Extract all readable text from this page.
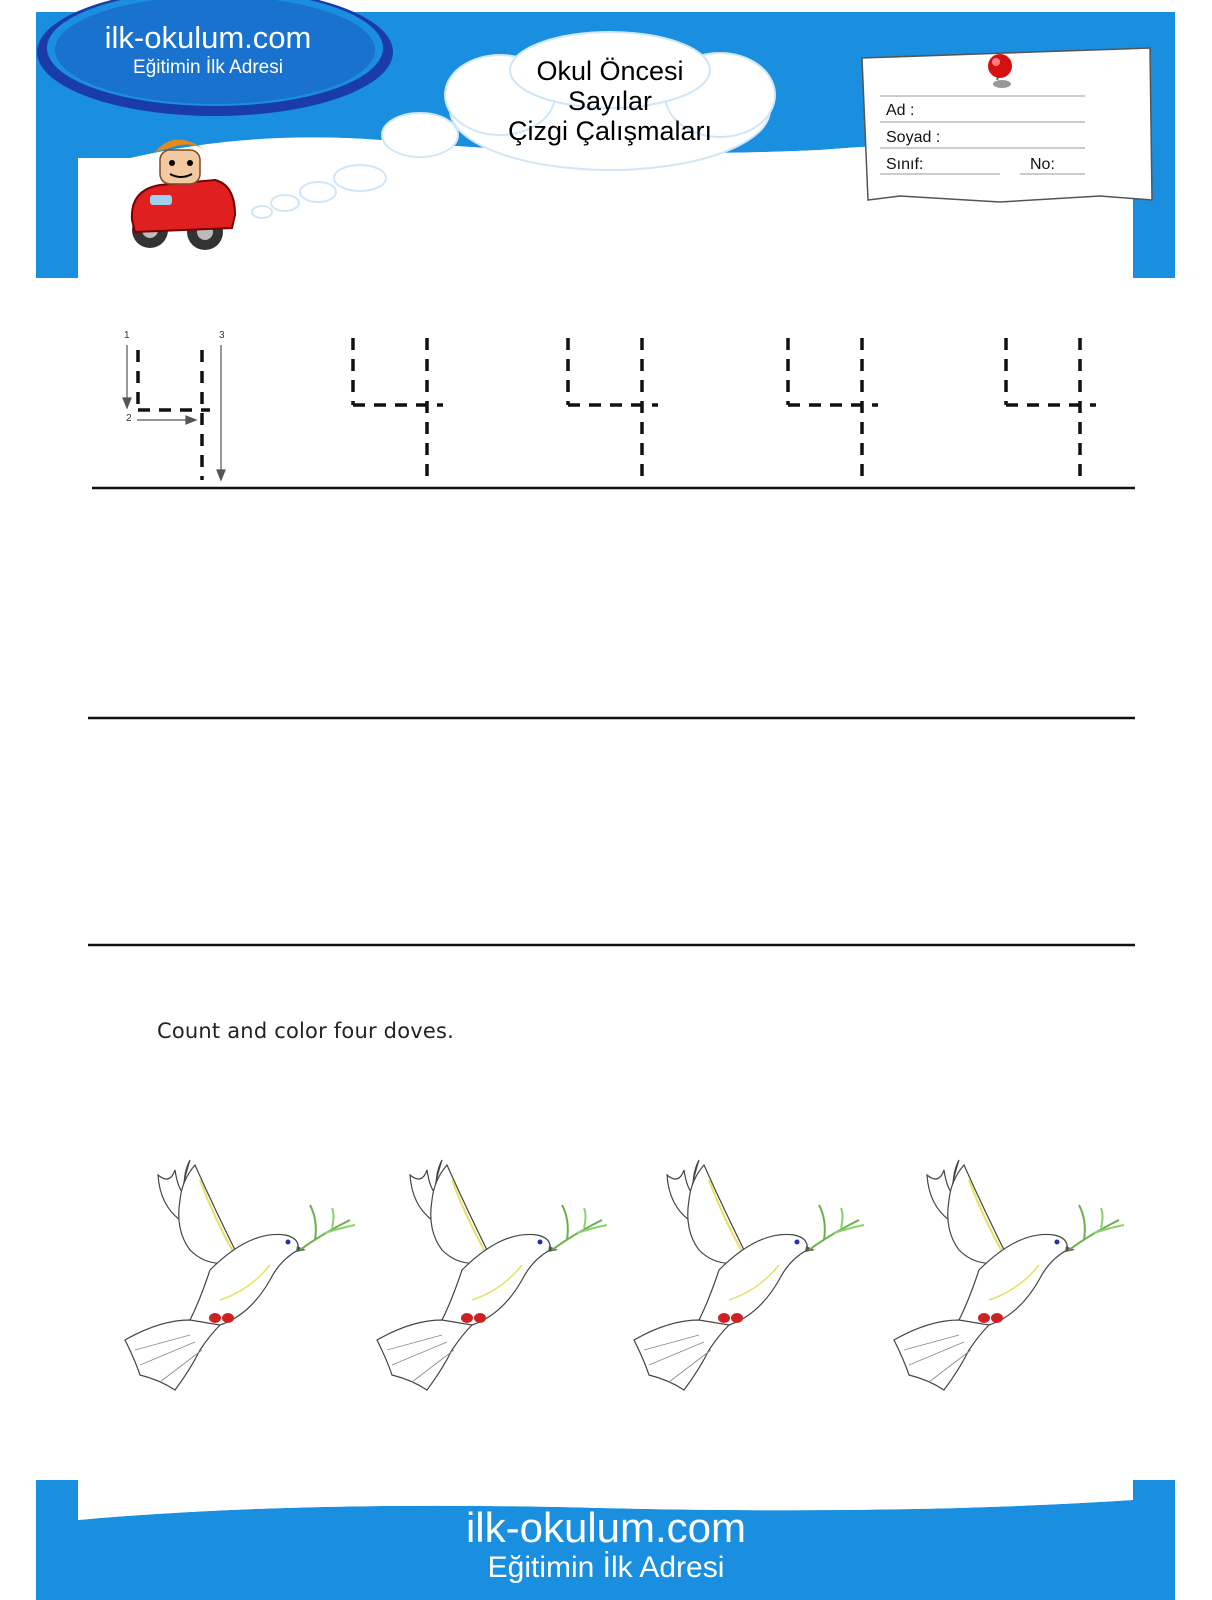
ilk-okulum.com
Eğitimin İlk Adresi	Okul Öncesi
Sayılar
Çizgi Çalışmaları
Ad :
Soyad :
Sınıf:	No:
1
2
3
Count and color four doves.
ilk-okulum.com
Eğitimin İlk Adresi
